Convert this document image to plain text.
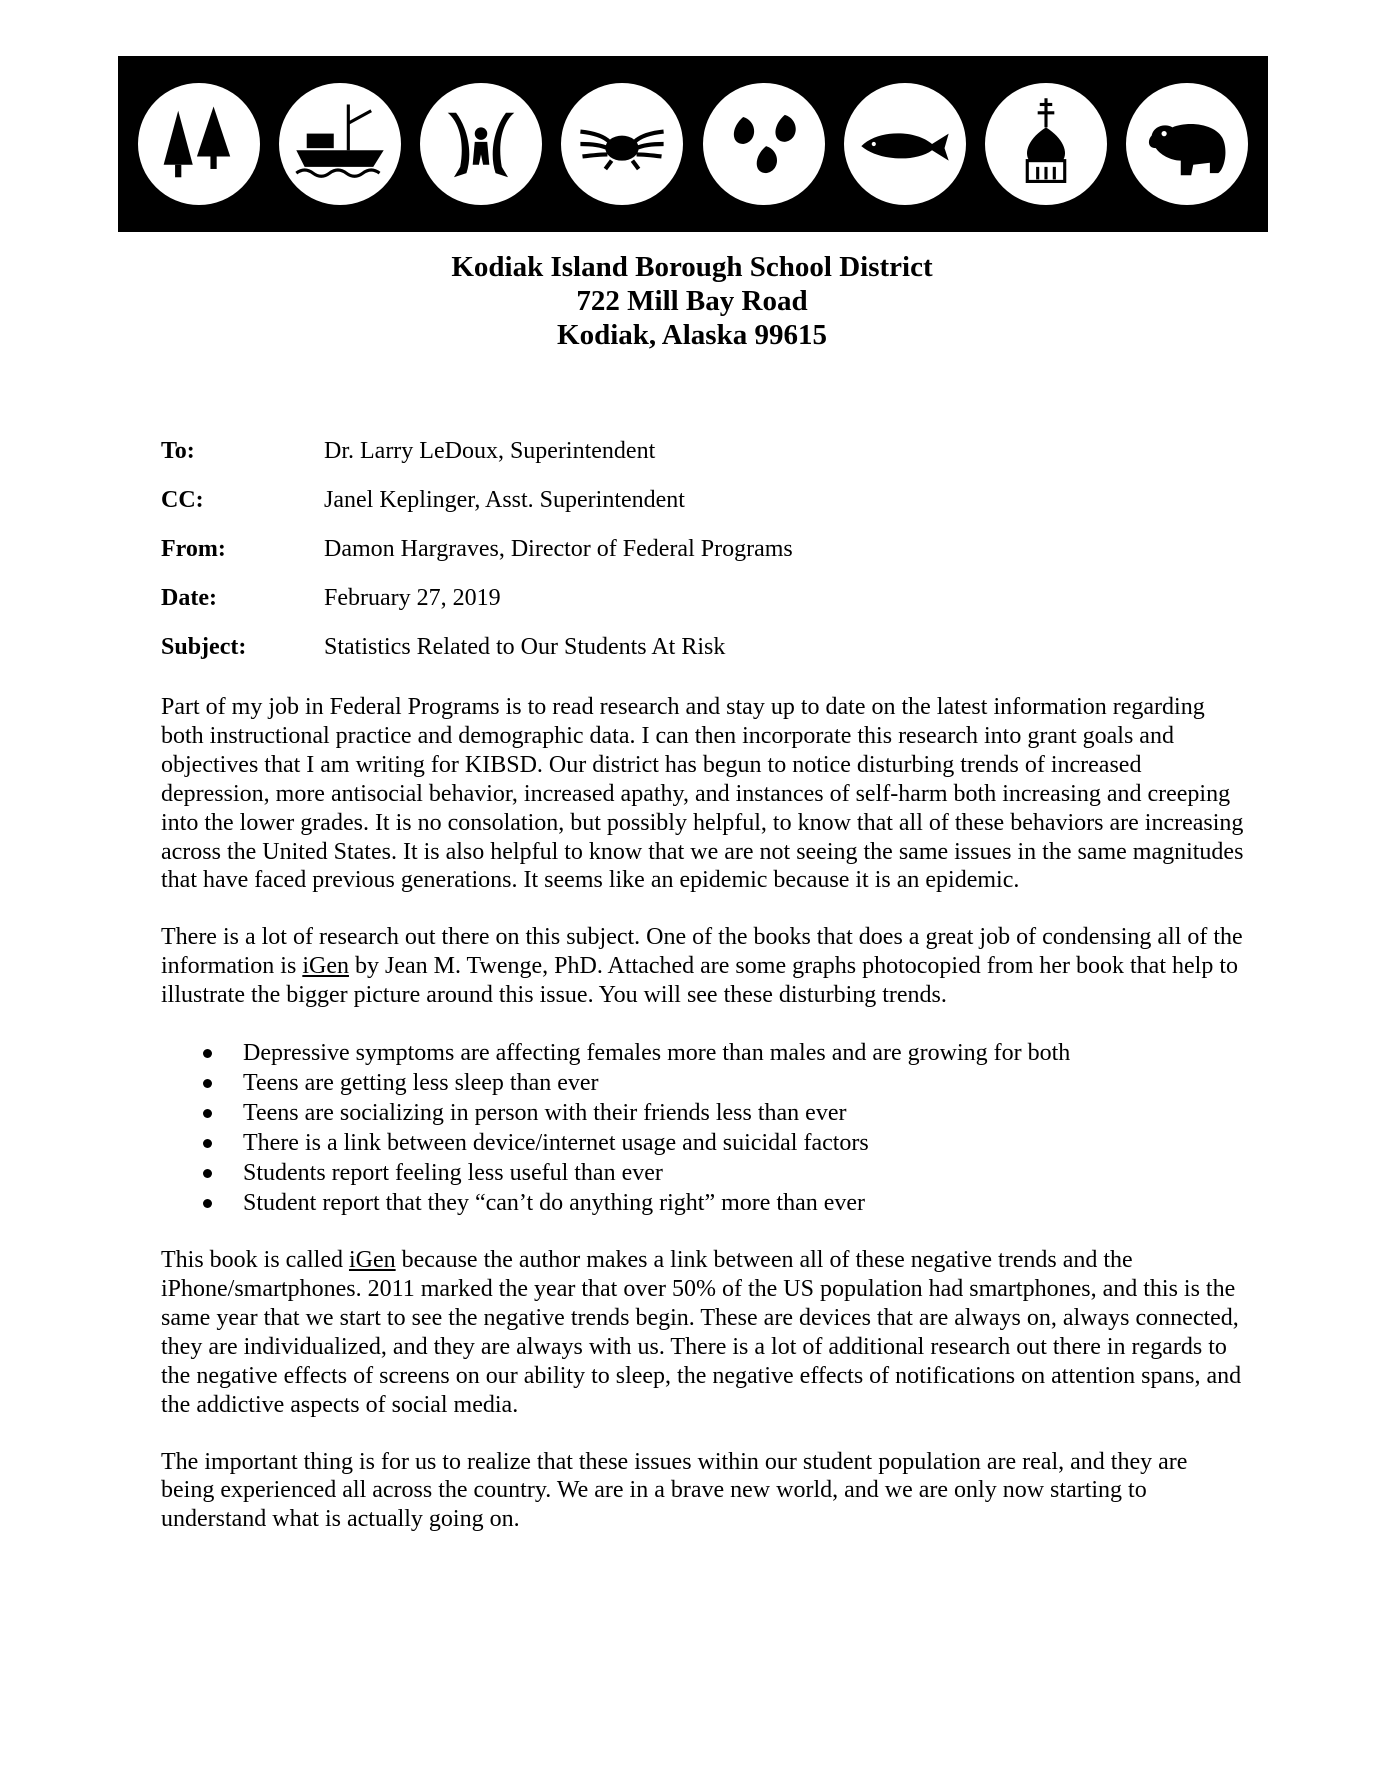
Kodiak Island Borough School District
722 Mill Bay Road
Kodiak, Alaska 99615
To:	Dr. Larry LeDoux, Superintendent
CC:	Janel Keplinger, Asst. Superintendent
From:	Damon Hargraves, Director of Federal Programs
Date:	February 27, 2019
Subject:	Statistics Related to Our Students At Risk

Part of my job in Federal Programs is to read research and stay up to date on the latest information regarding both instructional practice and demographic data. I can then incorporate this research into grant goals and objectives that I am writing for KIBSD. Our district has begun to notice disturbing trends of increased depression, more antisocial behavior, increased apathy, and instances of self-harm both increasing and creeping into the lower grades. It is no consolation, but possibly helpful, to know that all of these behaviors are increasing across the United States. It is also helpful to know that we are not seeing the same issues in the same magnitudes that have faced previous generations. It seems like an epidemic because it is an epidemic.

There is a lot of research out there on this subject. One of the books that does a great job of condensing all of the information is iGen by Jean M. Twenge, PhD. Attached are some graphs photocopied from her book that help to illustrate the bigger picture around this issue. You will see these disturbing trends.

Depressive symptoms are affecting females more than males and are growing for both
Teens are getting less sleep than ever
Teens are socializing in person with their friends less than ever
There is a link between device/internet usage and suicidal factors
Students report feeling less useful than ever
Student report that they “can’t do anything right” more than ever

This book is called iGen because the author makes a link between all of these negative trends and the iPhone/smartphones. 2011 marked the year that over 50% of the US population had smartphones, and this is the same year that we start to see the negative trends begin. These are devices that are always on, always connected, they are individualized, and they are always with us. There is a lot of additional research out there in regards to the negative effects of screens on our ability to sleep, the negative effects of notifications on attention spans, and the addictive aspects of social media.

The important thing is for us to realize that these issues within our student population are real, and they are being experienced all across the country. We are in a brave new world, and we are only now starting to understand what is actually going on.
